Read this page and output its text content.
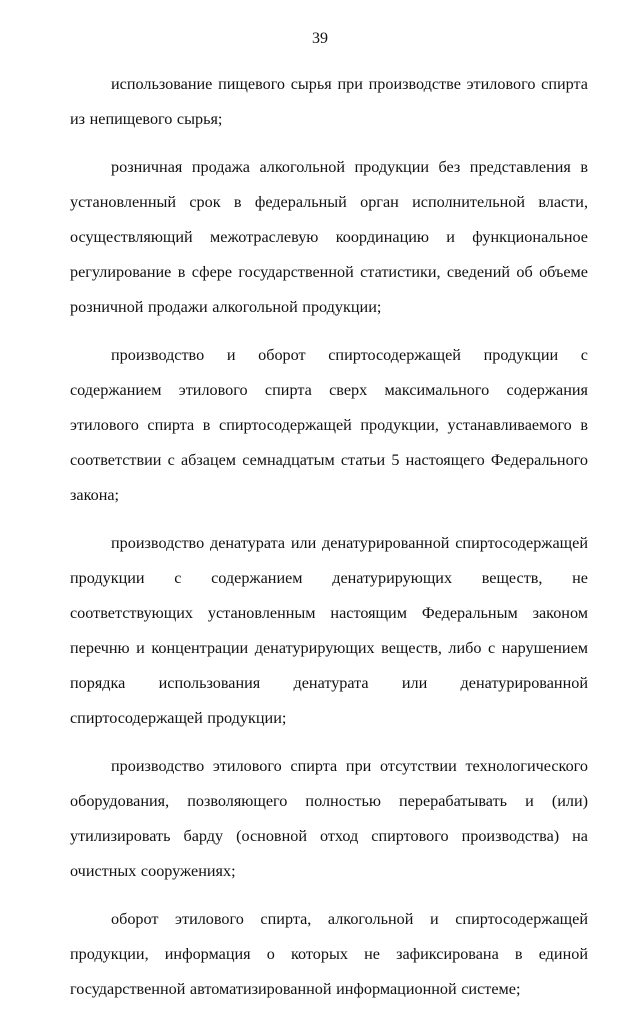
39

использование пищевого сырья при производстве этилового спирта из непищевого сырья;

розничная продажа алкогольной продукции без представления в установленный срок в федеральный орган исполнительной власти, осуществляющий межотраслевую координацию и функциональное регулирование в сфере государственной статистики, сведений об объеме розничной продажи алкогольной продукции;

производство и оборот спиртосодержащей продукции с содержанием этилового спирта сверх максимального содержания этилового спирта в спиртосодержащей продукции, устанавливаемого в соответствии с абзацем семнадцатым статьи 5 настоящего Федерального закона;

производство денатурата или денатурированной спиртосодержащей продукции с содержанием денатурирующих веществ, не соответствующих установленным настоящим Федеральным законом перечню и концентрации денатурирующих веществ, либо с нарушением порядка использования денатурата или денатурированной спиртосодержащей продукции;

производство этилового спирта при отсутствии технологического оборудования, позволяющего полностью перерабатывать и (или) утилизировать барду (основной отход спиртового производства) на очистных сооружениях;

оборот этилового спирта, алкогольной и спиртосодержащей продукции, информация о которых не зафиксирована в единой государственной автоматизированной информационной системе;
